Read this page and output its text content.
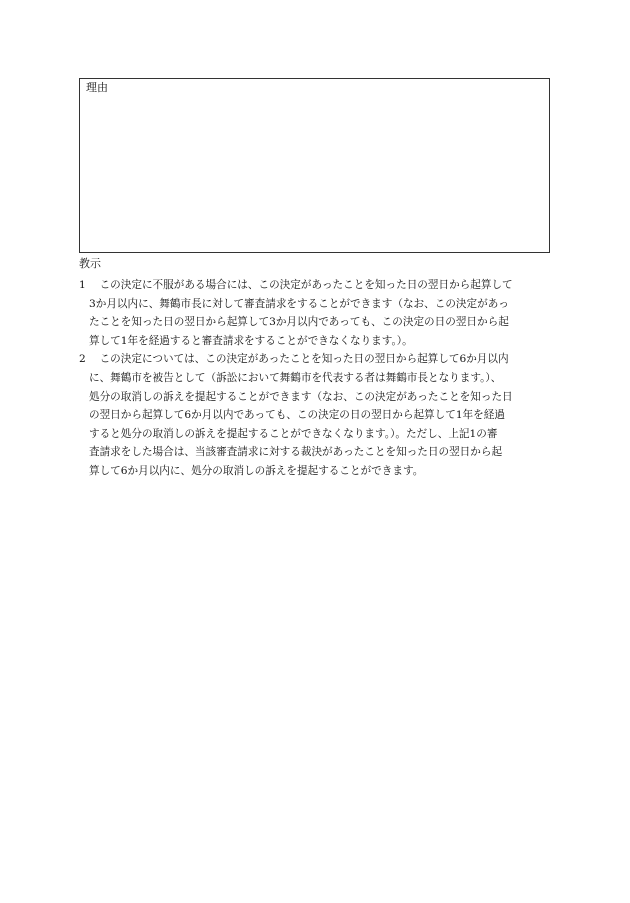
理由
教示
1 　この決定に不服がある場合には、この決定があったことを知った日の翌日から起算して
3か月以内に、舞鶴市長に対して審査請求をすることができます（なお、この決定があっ
たことを知った日の翌日から起算して3か月以内であっても、この決定の日の翌日から起
算して1年を経過すると審査請求をすることができなくなります。）。
2 　この決定については、この決定があったことを知った日の翌日から起算して6か月以内
に、舞鶴市を被告として（訴訟において舞鶴市を代表する者は舞鶴市長となります。）、
処分の取消しの訴えを提起することができます（なお、この決定があったことを知った日
の翌日から起算して6か月以内であっても、この決定の日の翌日から起算して1年を経過
すると処分の取消しの訴えを提起することができなくなります。）。ただし、上記1の審
査請求をした場合は、当該審査請求に対する裁決があったことを知った日の翌日から起
算して6か月以内に、処分の取消しの訴えを提起することができます。
